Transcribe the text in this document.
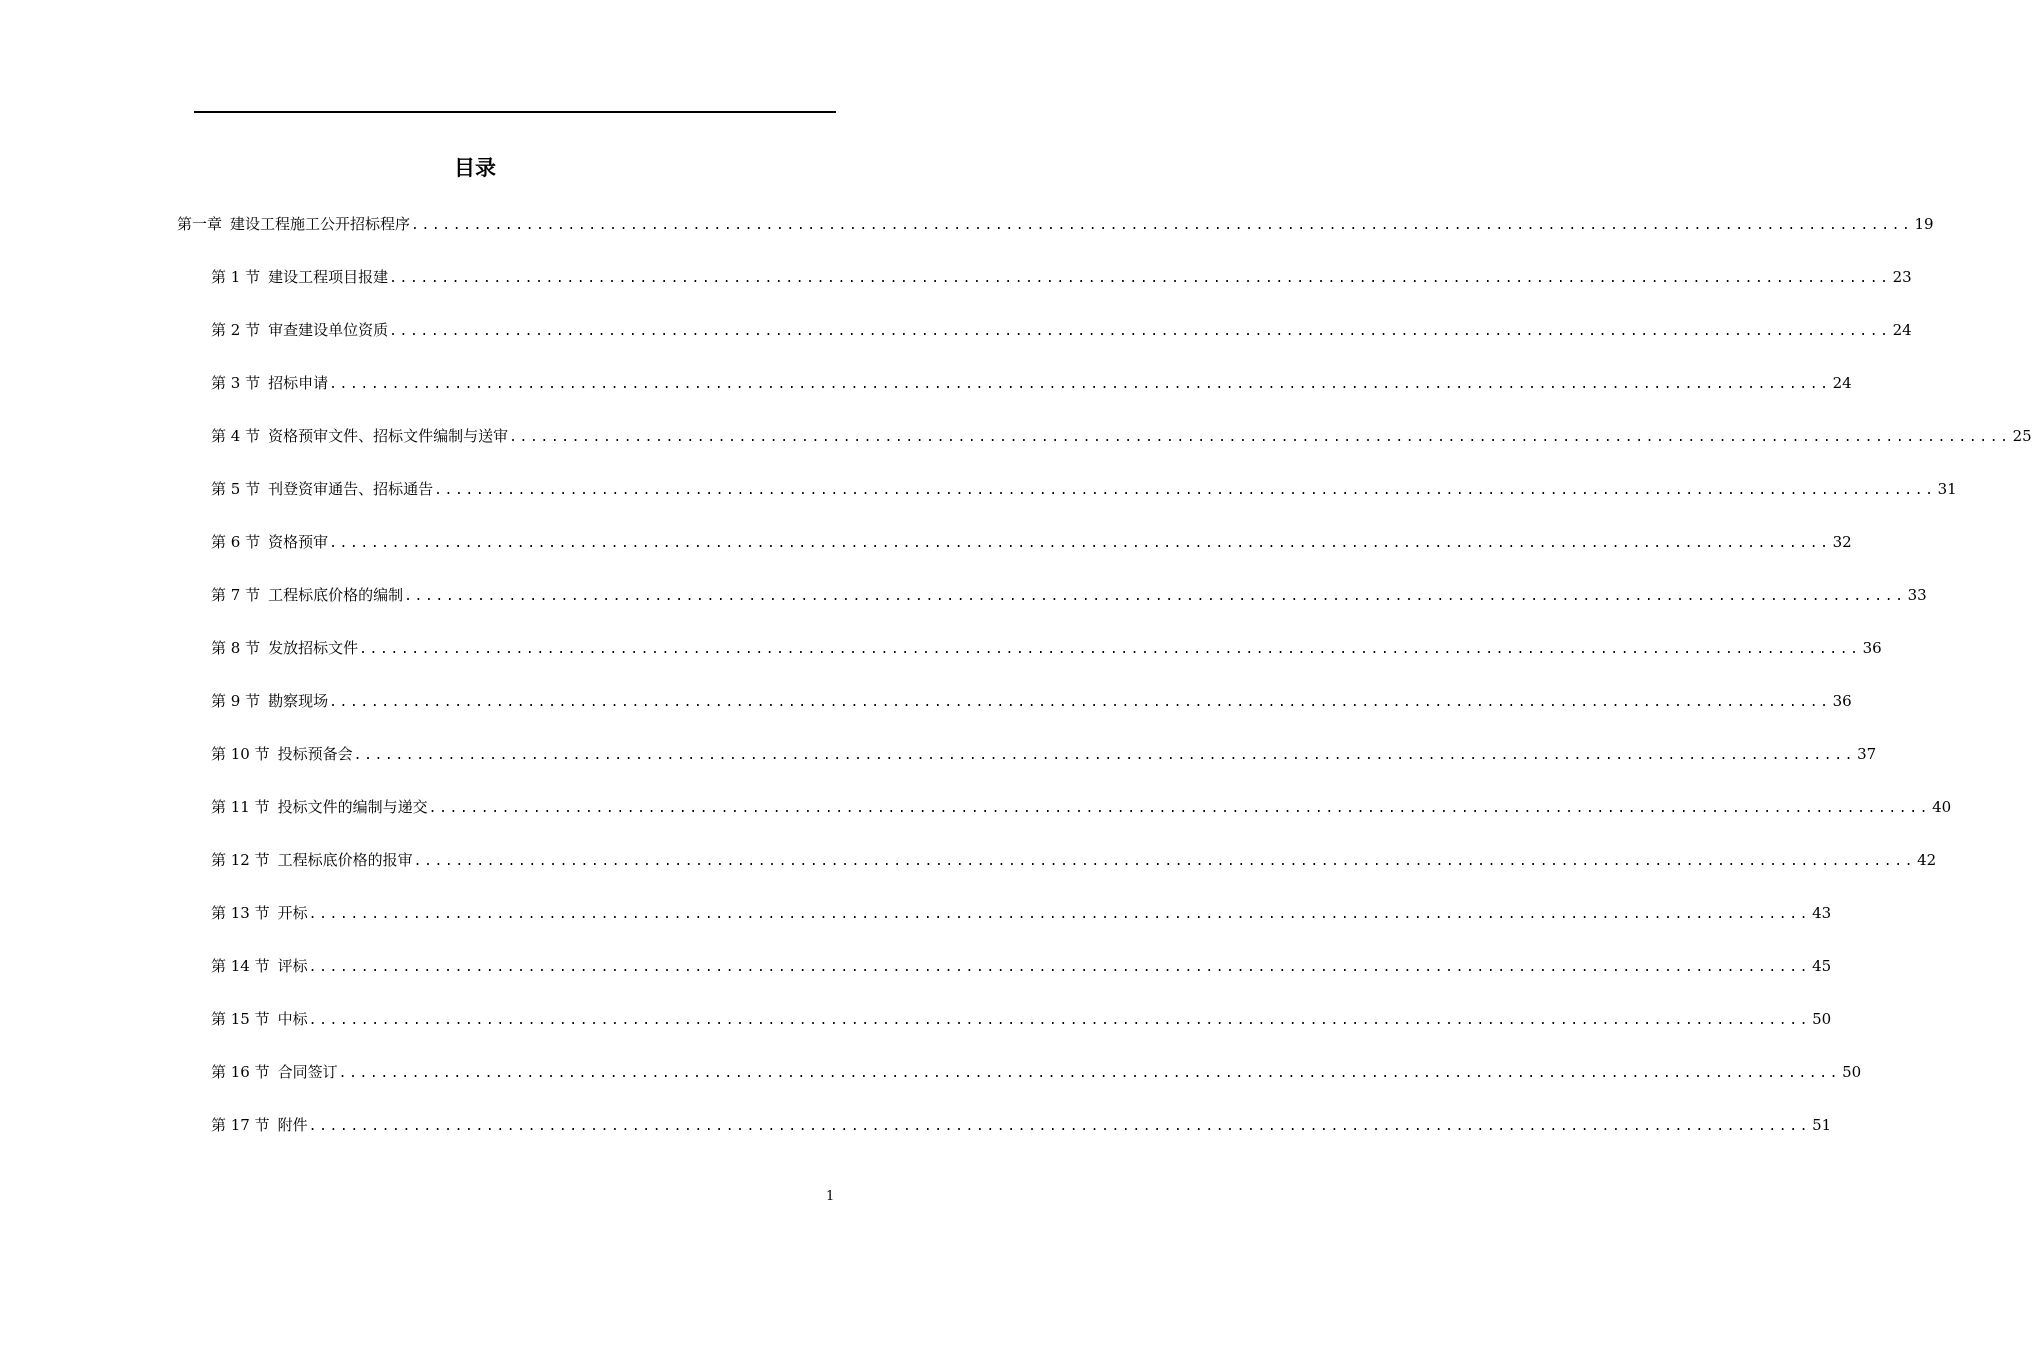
目录
第一章 建设工程施工公开招标程序 ................................................................................................................................................ 19
第 1 节 建设工程项目报建 ................................................................................................................................................ 23
第 2 节 审查建设单位资质 ................................................................................................................................................ 24
第 3 节 招标申请 ................................................................................................................................................ 24
第 4 节 资格预审文件、招标文件编制与送审 ................................................................................................................................................ 25
第 5 节 刊登资审通告、招标通告 ................................................................................................................................................ 31
第 6 节 资格预审 ................................................................................................................................................ 32
第 7 节 工程标底价格的编制 ................................................................................................................................................ 33
第 8 节 发放招标文件 ................................................................................................................................................ 36
第 9 节 勘察现场 ................................................................................................................................................ 36
第 10 节 投标预备会 ................................................................................................................................................ 37
第 11 节 投标文件的编制与递交 ................................................................................................................................................ 40
第 12 节 工程标底价格的报审 ................................................................................................................................................ 42
第 13 节 开标 ................................................................................................................................................ 43
第 14 节 评标 ................................................................................................................................................ 45
第 15 节 中标 ................................................................................................................................................ 50
第 16 节 合同签订 ................................................................................................................................................ 50
第 17 节 附件 ................................................................................................................................................ 51
1
